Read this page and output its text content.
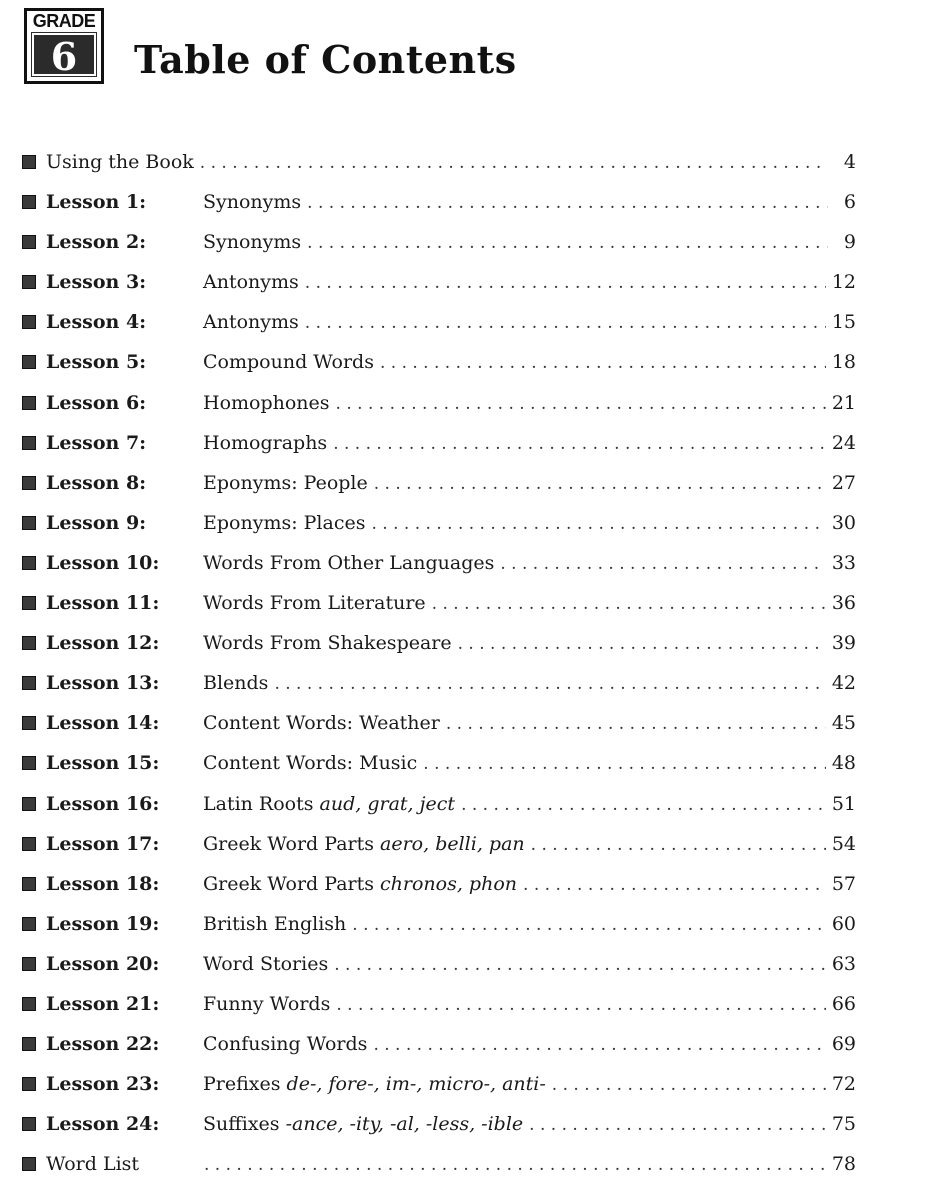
GRADE
6	Table of Contents
Using the Book . . .	4
Lesson 1:	Synonyms . . .	6
Lesson 2:	Synonyms . . .	9
Lesson 3:	Antonyms . . .	12
Lesson 4:	Antonyms . . .	15
Lesson 5:	Compound Words . . .	18
Lesson 6:	Homophones . . .	21
Lesson 7:	Homographs . . .	24
Lesson 8:	Eponyms: People . . .	27
Lesson 9:	Eponyms: Places . . .	30
Lesson 10:	Words From Other Languages . . .	33
Lesson 11:	Words From Literature . . .	36
Lesson 12:	Words From Shakespeare . . .	39
Lesson 13:	Blends . . .	42
Lesson 14:	Content Words: Weather . . .	45
Lesson 15:	Content Words: Music . . .	48
Lesson 16:	Latin Roots aud, grat, ject . . .	51
Lesson 17:	Greek Word Parts aero, belli, pan . . .	54
Lesson 18:	Greek Word Parts chronos, phon . . .	57
Lesson 19:	British English . . .	60
Lesson 20:	Word Stories . . .	63
Lesson 21:	Funny Words . . .	66
Lesson 22:	Confusing Words . . .	69
Lesson 23:	Prefixes de-, fore-, im-, micro-, anti- . . .	72
Lesson 24:	Suffixes -ance, -ity, -al, -less, -ible . . .	75
Word List . . .	78
